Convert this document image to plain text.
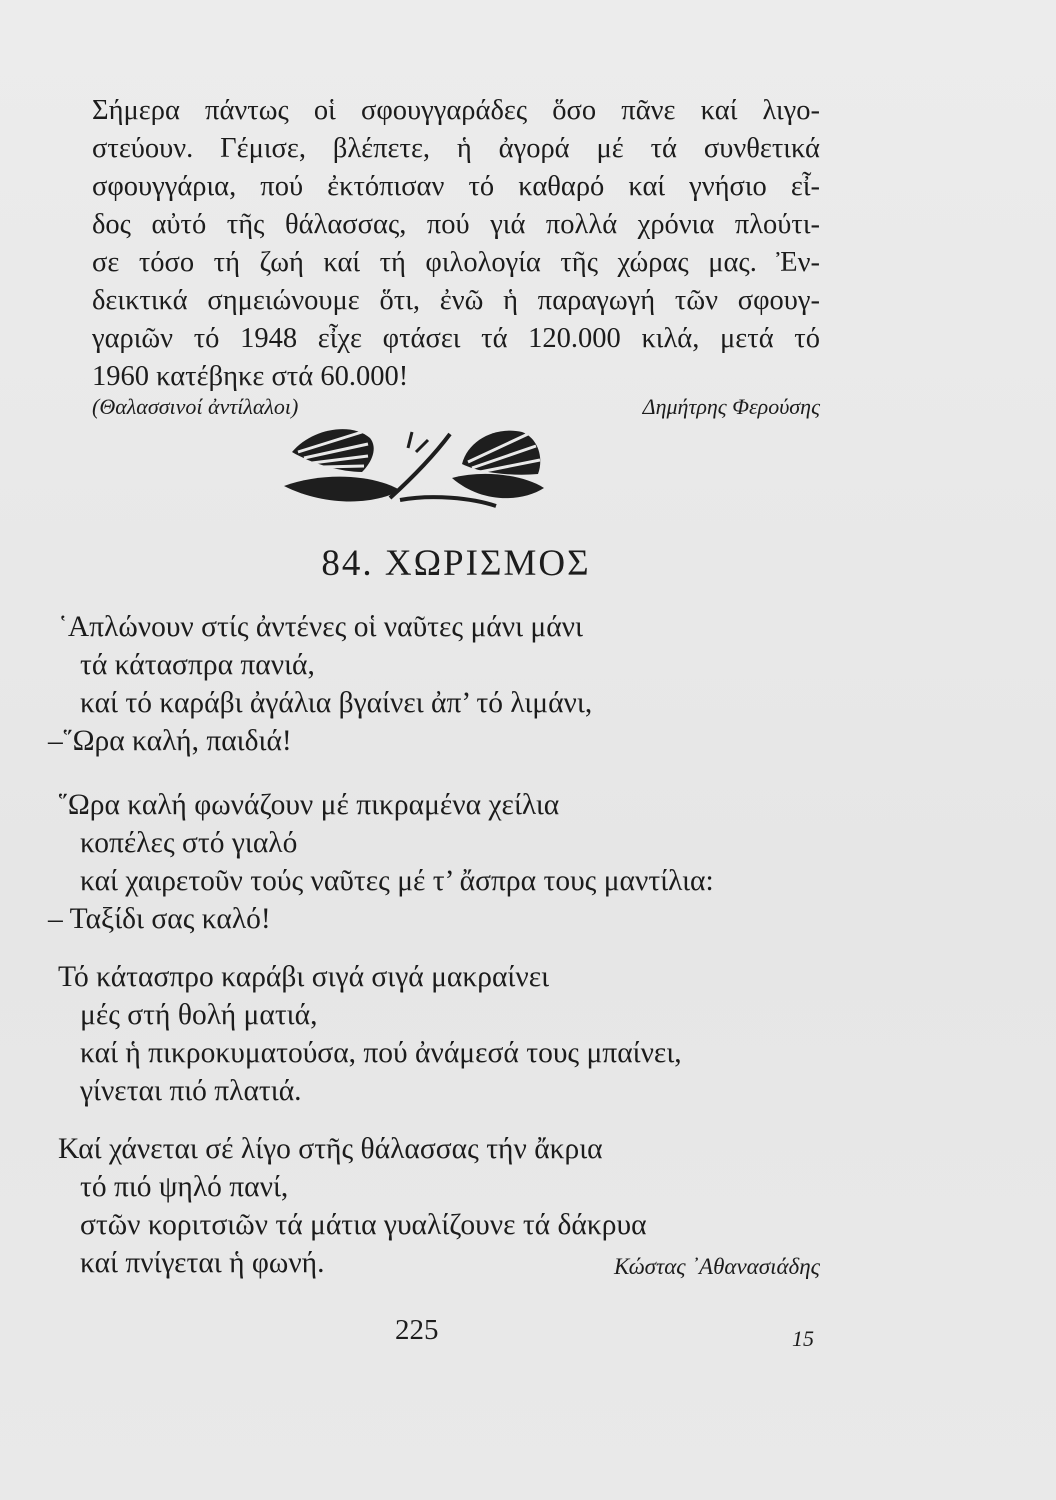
Σήμερα πάντως οἱ σφουγγαράδες ὅσο πᾶνε καί λιγο-
στεύουν. Γέμισε, βλέπετε, ἡ ἀγορά μέ τά συνθετικά
σφουγγάρια, πού ἐκτόπισαν τό καθαρό καί γνήσιο εἶ-
δος αὐτό τῆς θάλασσας, πού γιά πολλά χρόνια πλούτι-
σε τόσο τή ζωή καί τή φιλολογία τῆς χώρας μας. Ἐν-
δεικτικά σημειώνουμε ὅτι, ἐνῶ ἡ παραγωγή τῶν σφουγ-
γαριῶν τό 1948 εἶχε φτάσει τά 120.000 κιλά, μετά τό
1960 κατέβηκε στά 60.000!
(Θαλασσινοί ἀντίλαλοι)	Δημήτρης Φερούσης
84. ΧΩΡΙΣΜΟΣ
῾Απλώνουν στίς ἀντένες οἱ ναῦτες μάνι μάνι
τά κάτασπρα πανιά,
καί τό καράβι ἀγάλια βγαίνει ἀπ’ τό λιμάνι,
–῞Ωρα καλή, παιδιά!
῞Ωρα καλή φωνάζουν μέ πικραμένα χείλια
κοπέλες στό γιαλό
καί χαιρετοῦν τούς ναῦτες μέ τ’ ἄσπρα τους μαντίλια:
– Ταξίδι σας καλό!
Τό κάτασπρο καράβι σιγά σιγά μακραίνει
μές στή θολή ματιά,
καί ἡ πικροκυματούσα, πού ἀνάμεσά τους μπαίνει,
γίνεται πιό πλατιά.
Καί χάνεται σέ λίγο στῆς θάλασσας τήν ἄκρια
τό πιό ψηλό πανί,
στῶν κοριτσιῶν τά μάτια γυαλίζουνε τά δάκρυα
καί πνίγεται ἡ φωνή.	Κώστας ᾿Αθανασιάδης
225	15
